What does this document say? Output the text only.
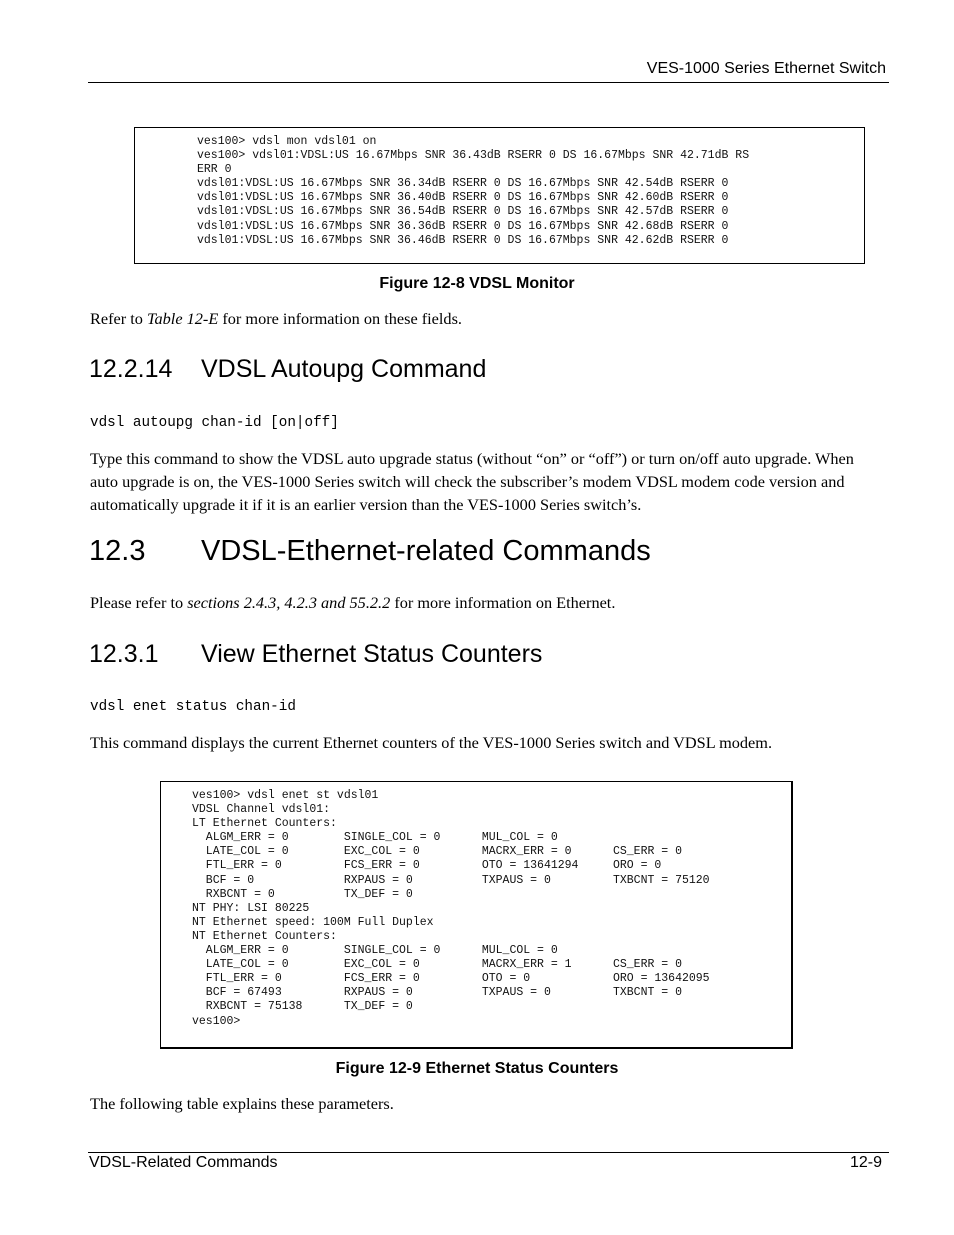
VES-1000 Series Ethernet Switch
ves100> vdsl mon vdsl01 on
ves100> vdsl01:VDSL:US 16.67Mbps SNR 36.43dB RSERR 0 DS 16.67Mbps SNR 42.71dB RS
ERR 0
vdsl01:VDSL:US 16.67Mbps SNR 36.34dB RSERR 0 DS 16.67Mbps SNR 42.54dB RSERR 0
vdsl01:VDSL:US 16.67Mbps SNR 36.40dB RSERR 0 DS 16.67Mbps SNR 42.60dB RSERR 0
vdsl01:VDSL:US 16.67Mbps SNR 36.54dB RSERR 0 DS 16.67Mbps SNR 42.57dB RSERR 0
vdsl01:VDSL:US 16.67Mbps SNR 36.36dB RSERR 0 DS 16.67Mbps SNR 42.68dB RSERR 0
vdsl01:VDSL:US 16.67Mbps SNR 36.46dB RSERR 0 DS 16.67Mbps SNR 42.62dB RSERR 0
Figure 12-8 VDSL Monitor
Refer to Table 12-E for more information on these fields.
12.2.14 VDSL Autoupg Command
vdsl autoupg chan-id [on|off]
Type this command to show the VDSL auto upgrade status (without “on” or “off”) or turn on/off auto upgrade. When auto upgrade is on, the VES-1000 Series switch will check the subscriber’s modem VDSL modem code version and automatically upgrade it if it is an earlier version than the VES-1000 Series switch’s.
12.3 VDSL-Ethernet-related Commands
Please refer to sections 2.4.3, 4.2.3 and 55.2.2 for more information on Ethernet.
12.3.1 View Ethernet Status Counters
vdsl enet status chan-id
This command displays the current Ethernet counters of the VES-1000 Series switch and VDSL modem.
ves100> vdsl enet st vdsl01
VDSL Channel vdsl01:
LT Ethernet Counters:
ALGM_ERR = 0        SINGLE_COL = 0      MUL_COL = 0
LATE_COL = 0        EXC_COL = 0         MACRX_ERR = 0      CS_ERR = 0
FTL_ERR = 0         FCS_ERR = 0         OTO = 13641294     ORO = 0
BCF = 0             RXPAUS = 0          TXPAUS = 0         TXBCNT = 75120
RXBCNT = 0          TX_DEF = 0
NT PHY: LSI 80225
NT Ethernet speed: 100M Full Duplex
NT Ethernet Counters:
ALGM_ERR = 0        SINGLE_COL = 0      MUL_COL = 0
LATE_COL = 0        EXC_COL = 0         MACRX_ERR = 1      CS_ERR = 0
FTL_ERR = 0         FCS_ERR = 0         OTO = 0            ORO = 13642095
BCF = 67493         RXPAUS = 0          TXPAUS = 0         TXBCNT = 0
RXBCNT = 75138      TX_DEF = 0
ves100>
Figure 12-9 Ethernet Status Counters
The following table explains these parameters.
VDSL-Related Commands	12-9
